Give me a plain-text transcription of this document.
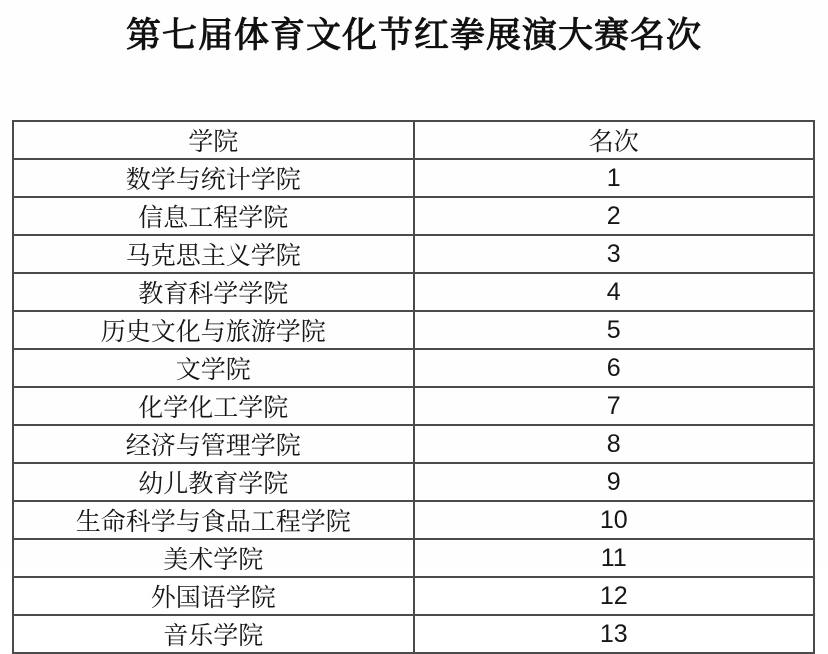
第七届体育文化节红拳展演大赛名次
学院	名次
数学与统计学院	1
信息工程学院	2
马克思主义学院	3
教育科学学院	4
历史文化与旅游学院	5
文学院	6
化学化工学院	7
经济与管理学院	8
幼儿教育学院	9
生命科学与食品工程学院	10
美术学院	11
外国语学院	12
音乐学院	13
